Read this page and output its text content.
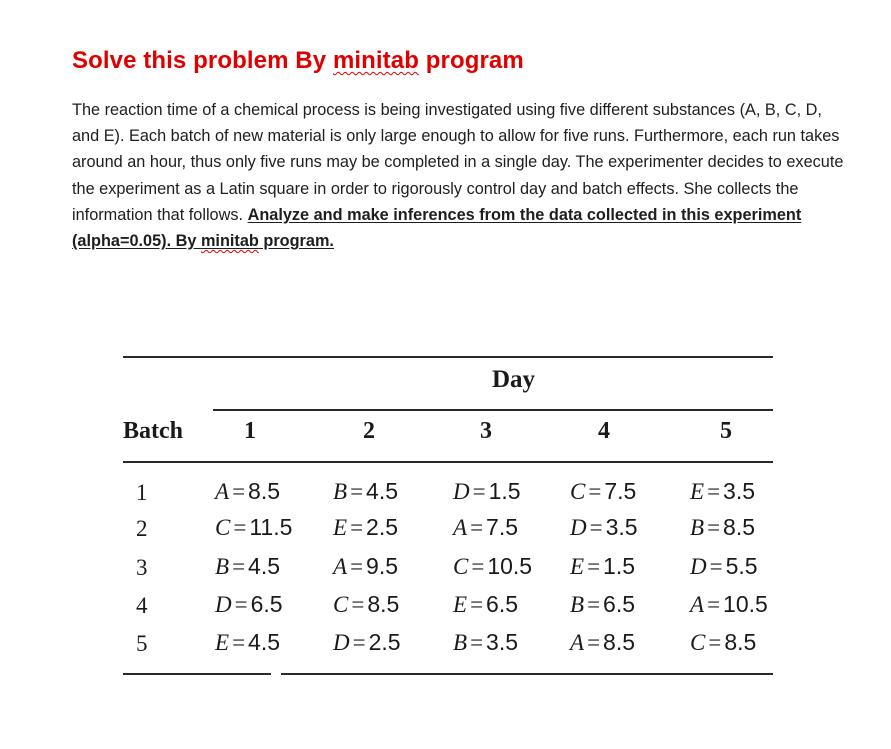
Solve this problem By minitab program
The reaction time of a chemical process is being investigated using five different substances (A, B, C, D, and E). Each batch of new material is only large enough to allow for five runs. Furthermore, each run takes around an hour, thus only five runs may be completed in a single day. The experimenter decides to execute the experiment as a Latin square in order to rigorously control day and batch effects. She collects the information that follows. Analyze and make inferences from the data collected in this experiment (alpha=0.05). By minitab program.
Day
Batch	1	2	3	4	5
1	A = 8.5 B = 4.5 D = 1.5 C = 7.5 E = 3.5
2	C = 11.5 E = 2.5 A = 7.5 D = 3.5 B = 8.5
3	B = 4.5 A = 9.5 C = 10.5 E = 1.5 D = 5.5
4	D = 6.5 C = 8.5 E = 6.5 B = 6.5 A = 10.5
5	E = 4.5 D = 2.5 B = 3.5 A = 8.5 C = 8.5
